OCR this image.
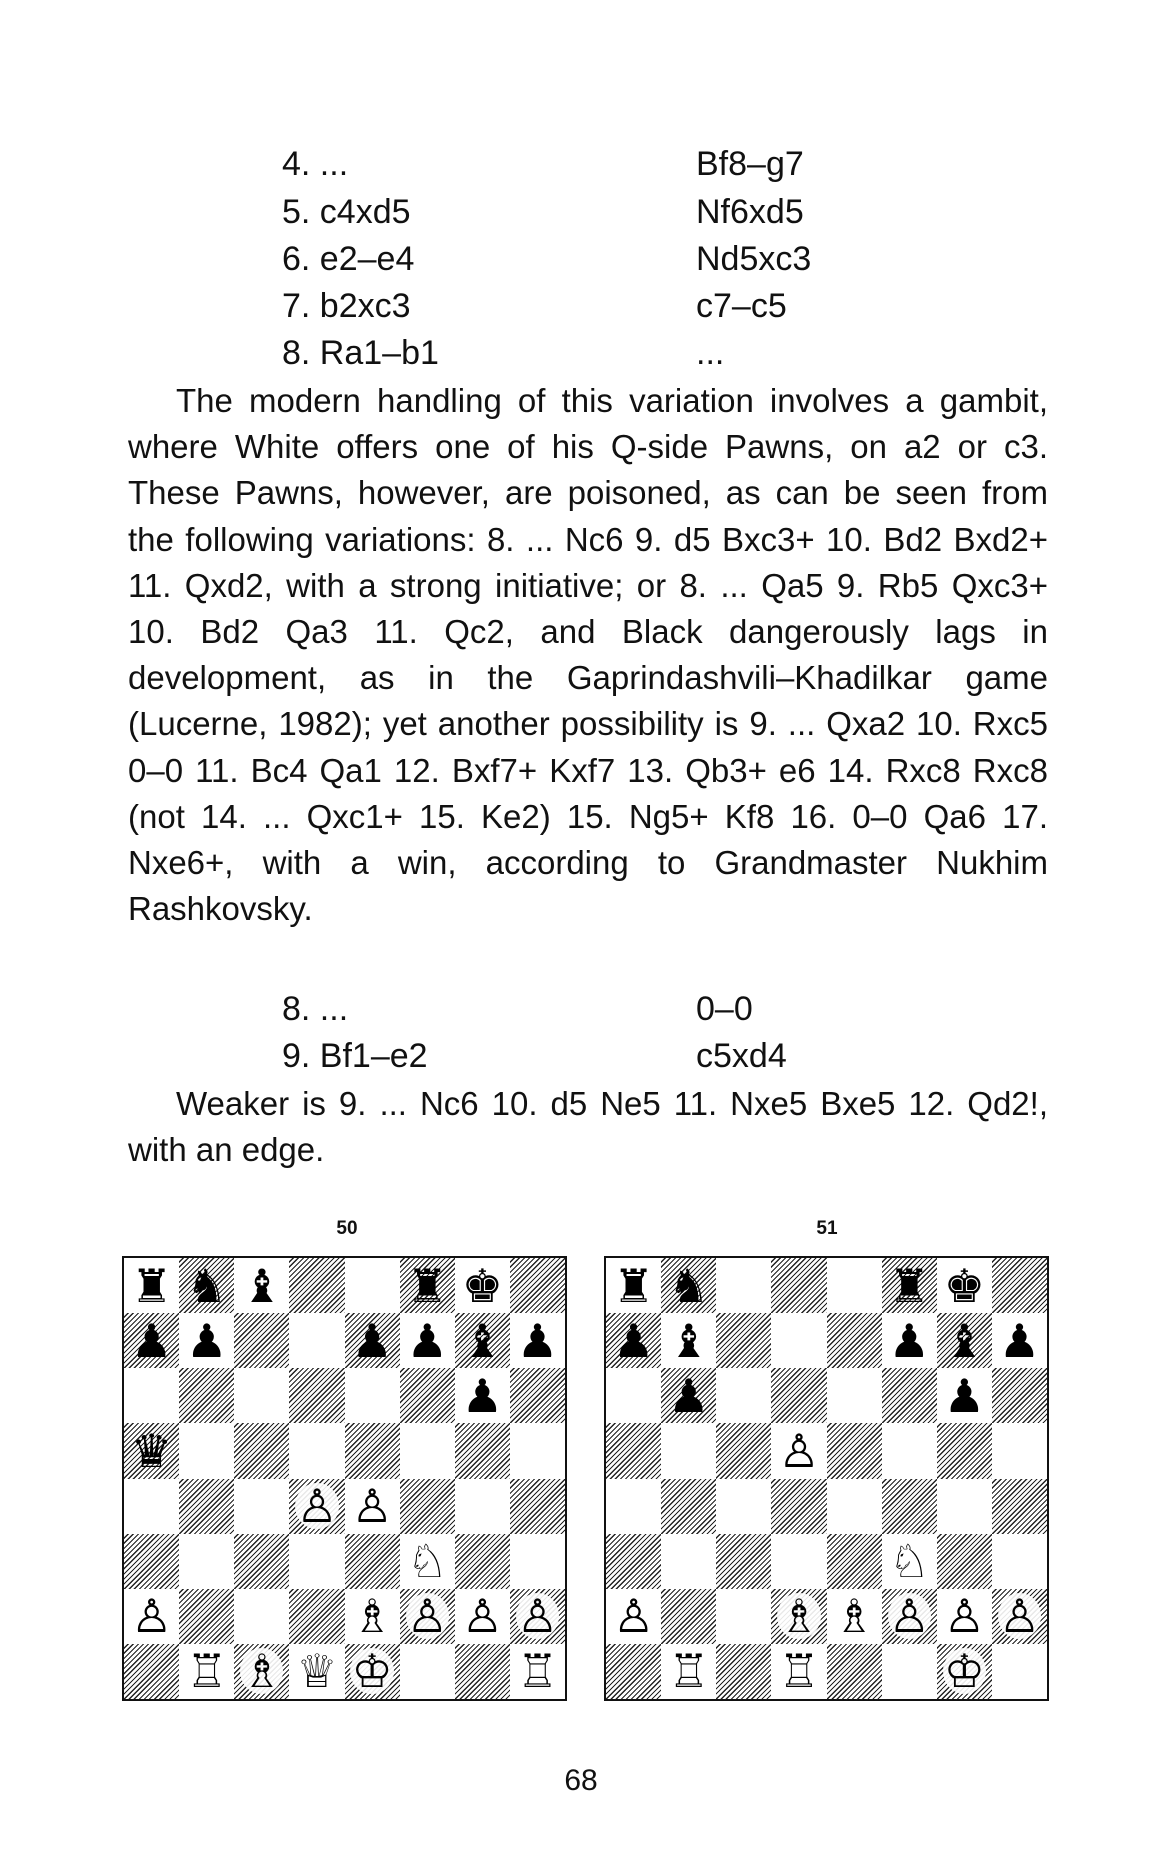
4. ...	Bf8–g7
5. c4xd5	Nf6xd5
6. e2–e4	Nd5xc3
7. b2xc3	c7–c5
8. Ra1–b1	...

The modern handling of this variation involves a gambit, where White offers one of his Q-side Pawns, on a2 or c3. These Pawns, however, are poisoned, as can be seen from the following variations: 8. ... Nc6 9. d5 Bxc3+ 10. Bd2 Bxd2+ 11. Qxd2, with a strong initiative; or 8. ... Qa5 9. Rb5 Qxc3+ 10. Bd2 Qa3 11. Qc2, and Black dangerously lags in development, as in the Gaprindashvili–Khadilkar game (Lucerne, 1982); yet another possibility is 9. ... Qxa2 10. Rxc5 0–0 11. Bc4 Qa1 12. Bxf7+ Kxf7 13. Qb3+ e6 14. Rxc8 Rxc8 (not 14. ... Qxc1+ 15. Ke2) 15. Ng5+ Kf8 16. 0–0 Qa6 17. Nxe6+, with a win, according to Grandmaster Nukhim Rashkovsky.

8. ...	0–0
9. Bf1–e2	c5xd4

Weaker is 9. ... Nc6 10. d5 Ne5 11. Nxe5 Bxe5 12. Qd2!, with an edge.

50	51
♜ ♞ ♝	♜ ♚
♟ ♟	♟ ♟ ♝ ♟
♟
♛
♙ ♙
♘
♙	♗ ♙ ♙ ♙
♖ ♗ ♕ ♔	♖
♜ ♞	♜ ♚
♟ ♝	♟ ♝ ♟
♟	♟
♙
♘
♙	♗ ♗ ♙ ♙ ♙
♖ ♖	♔
68
